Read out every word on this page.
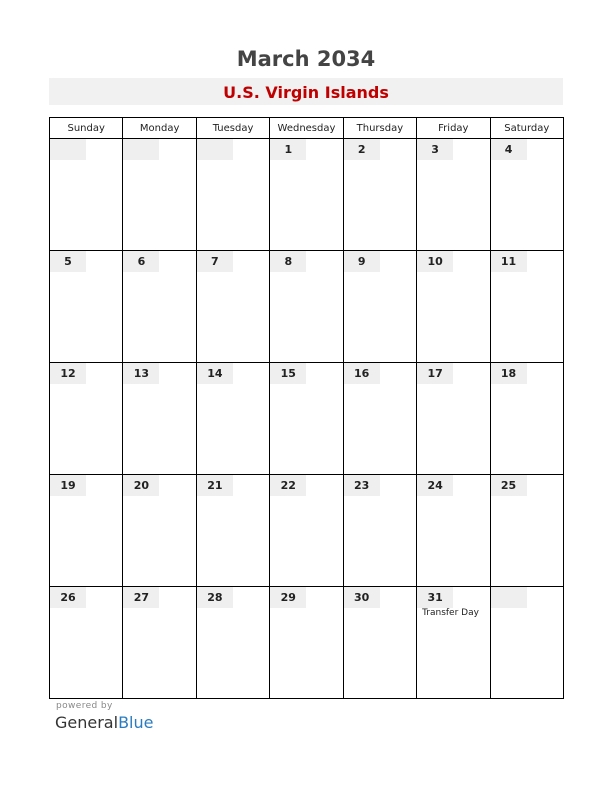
March 2034
U.S. Virgin Islands
Sunday	Monday	Tuesday	Wednesday	Thursday	Friday	Saturday

			1	2	3	4

5	6	7	8	9	10	11

12	13	14	15	16	17	18

19	20	21	22	23	24	25

26	27	28	29	30	31
Transfer Day	

powered by
GeneralBlue
